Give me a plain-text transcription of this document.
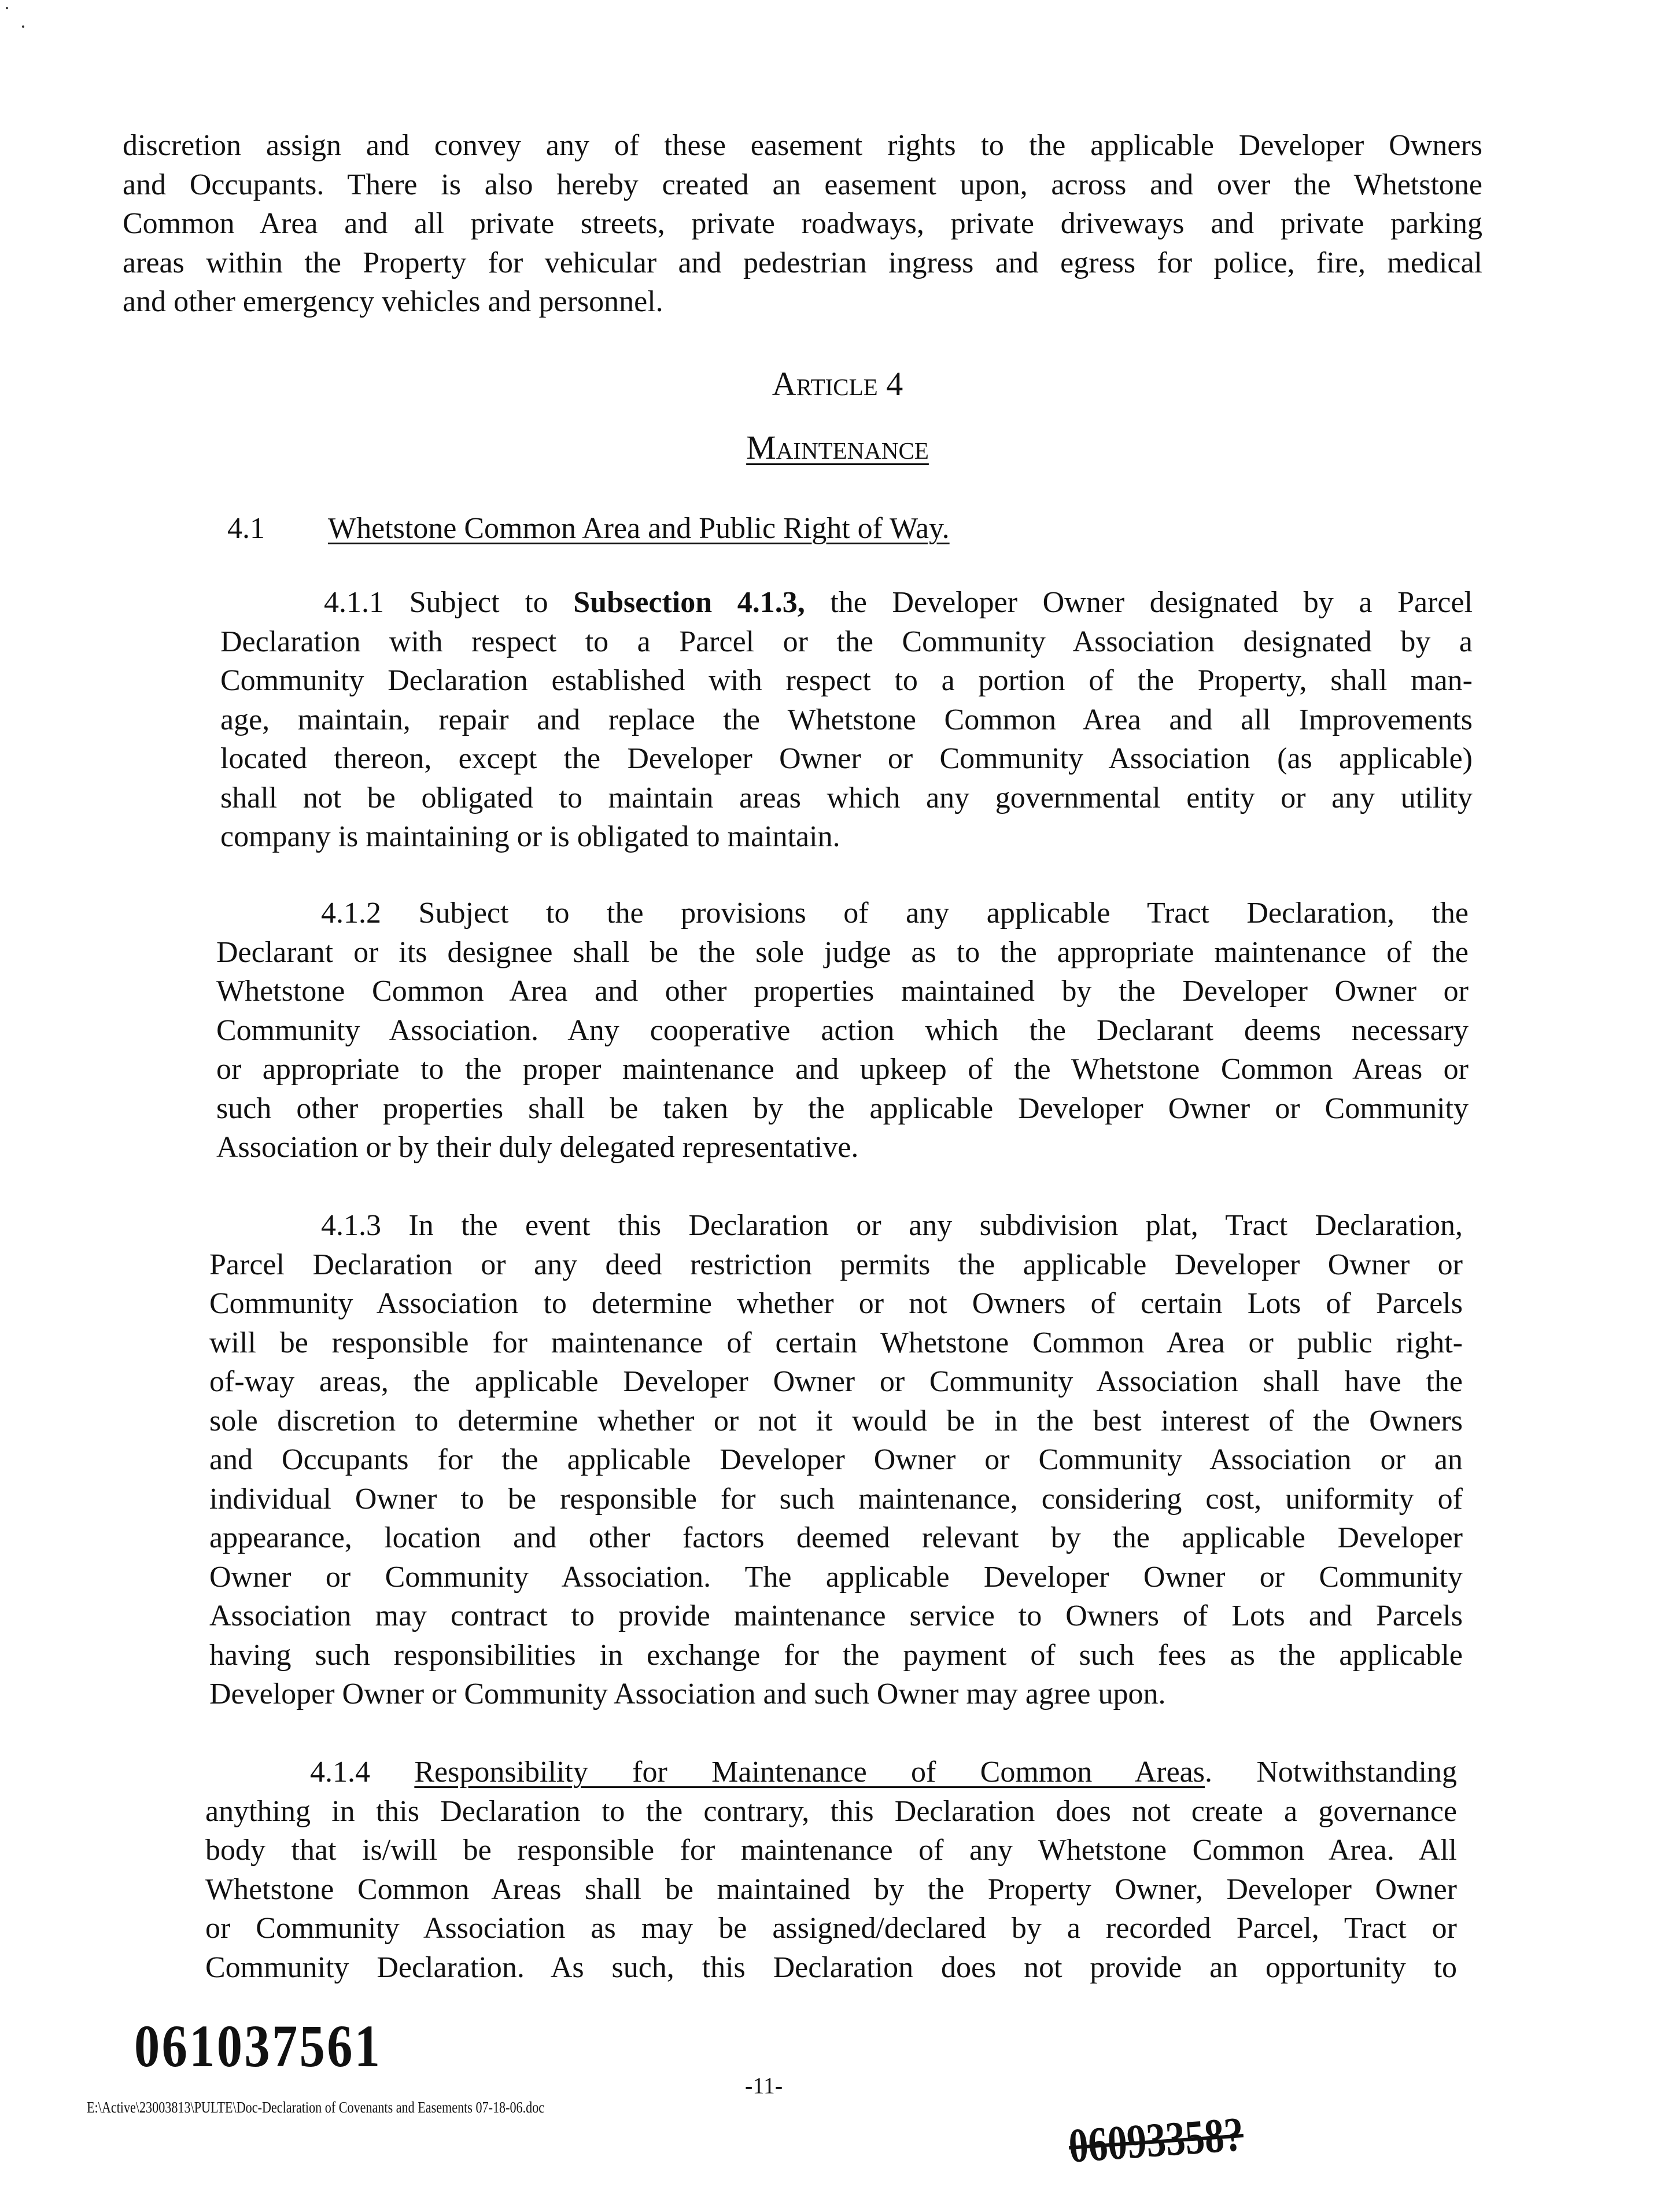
discretion assign and convey any of these easement rights to the applicable Developer Owners
and Occupants. There is also hereby created an easement upon, across and over the Whetstone
Common Area and all private streets, private roadways, private driveways and private parking
areas within the Property for vehicular and pedestrian ingress and egress for police, fire, medical
and other emergency vehicles and personnel.
Article 4
Maintenance
4.1 Whetstone Common Area and Public Right of Way.
4.1.1 Subject to Subsection 4.1.3, the Developer Owner designated by a Parcel
Declaration with respect to a Parcel or the Community Association designated by a
Community Declaration established with respect to a portion of the Property, shall man-
age, maintain, repair and replace the Whetstone Common Area and all Improvements
located thereon, except the Developer Owner or Community Association (as applicable)
shall not be obligated to maintain areas which any governmental entity or any utility
company is maintaining or is obligated to maintain.
4.1.2 Subject to the provisions of any applicable Tract Declaration, the
Declarant or its designee shall be the sole judge as to the appropriate maintenance of the
Whetstone Common Area and other properties maintained by the Developer Owner or
Community Association. Any cooperative action which the Declarant deems necessary
or appropriate to the proper maintenance and upkeep of the Whetstone Common Areas or
such other properties shall be taken by the applicable Developer Owner or Community
Association or by their duly delegated representative.
4.1.3 In the event this Declaration or any subdivision plat, Tract Declaration,
Parcel Declaration or any deed restriction permits the applicable Developer Owner or
Community Association to determine whether or not Owners of certain Lots of Parcels
will be responsible for maintenance of certain Whetstone Common Area or public right-
of-way areas, the applicable Developer Owner or Community Association shall have the
sole discretion to determine whether or not it would be in the best interest of the Owners
and Occupants for the applicable Developer Owner or Community Association or an
individual Owner to be responsible for such maintenance, considering cost, uniformity of
appearance, location and other factors deemed relevant by the applicable Developer
Owner or Community Association. The applicable Developer Owner or Community
Association may contract to provide maintenance service to Owners of Lots and Parcels
having such responsibilities in exchange for the payment of such fees as the applicable
Developer Owner or Community Association and such Owner may agree upon.
4.1.4 Responsibility for Maintenance of Common Areas. Notwithstanding
anything in this Declaration to the contrary, this Declaration does not create a governance
body that is/will be responsible for maintenance of any Whetstone Common Area. All
Whetstone Common Areas shall be maintained by the Property Owner, Developer Owner
or Community Association as may be assigned/declared by a recorded Parcel, Tract or
Community Declaration. As such, this Declaration does not provide an opportunity to
061037561
-11-
E:\Active\23003813\PULTE\Doc-Declaration of Covenants and Easements 07-18-06.doc
06093358?
